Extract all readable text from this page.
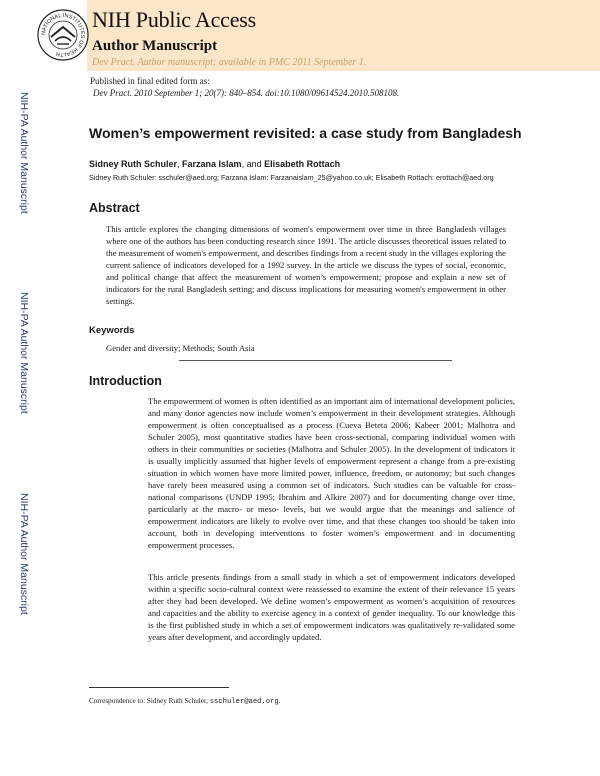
NATIONAL INSTITUTES OF HEALTH
NIH Public Access
Author Manuscript
Dev Pract. Author manuscript; available in PMC 2011 September 1.
Published in final edited form as:
Dev Pract. 2010 September 1; 20(7): 840–854. doi:10.1080/09614524.2010.508108.
NIH-PA Author Manuscript
NIH-PA Author Manuscript
NIH-PA Author Manuscript
Women’s empowerment revisited: a case study from Bangladesh
Sidney Ruth Schuler, Farzana Islam, and Elisabeth Rottach
Sidney Ruth Schuler: sschuler@aed.org; Farzana Islam: Farzanaislam_25@yahoo.co.uk; Elisabeth Rottach: erottach@aed.org
Abstract
This article explores the changing dimensions of women's empowerment over time in three Bangladesh villages where one of the authors has been conducting research since 1991. The article discusses theoretical issues related to the measurement of women's empowerment, and describes findings from a recent study in the villages exploring the current salience of indicators developed for a 1992 survey. In the article we discuss the types of social, economic, and political change that affect the measurement of women’s empowerment; propose and explain a new set of indicators for the rural Bangladesh setting; and discuss implications for measuring women's empowerment in other settings.
Keywords
Gender and diversity; Methods; South Asia
Introduction
The empowerment of women is often identified as an important aim of international development policies, and many donor agencies now include women’s empowerment in their development strategies. Although empowerment is often conceptualised as a process (Cueva Beteta 2006; Kabeer 2001; Malhotra and Schuler 2005), most quantitative studies have been cross-sectional, comparing individual women with others in their communities or societies (Malhotra and Schuler 2005). In the development of indicators it is usually implicitly assumed that higher levels of empowerment represent a change from a pre-existing situation in which women have more limited power, influence, freedom, or autonomy; but such changes have rarely been measured using a common set of indicators. Such studies can be valuable for cross-national comparisons (UNDP 1995; Ibrahim and Alkire 2007) and for documenting change over time, particularly at the macro- or meso- levels, but we would argue that the meanings and salience of empowerment indicators are likely to evolve over time, and that these changes too should be taken into account, both in developing interventions to foster women’s empowerment and in documenting empowerment processes.
This article presents findings from a small study in which a set of empowerment indicators developed within a specific socio-cultural context were reassessed to examine the extent of their relevance 15 years after they had been developed. We define women’s empowerment as women’s acquisition of resources and capacities and the ability to exercise agency in a context of gender inequality. To our knowledge this is the first published study in which a set of empowerment indicators was qualitatively re-validated some years after development, and accordingly updated.
Correspondence to: Sidney Ruth Schuler, sschuler@aed.org.
